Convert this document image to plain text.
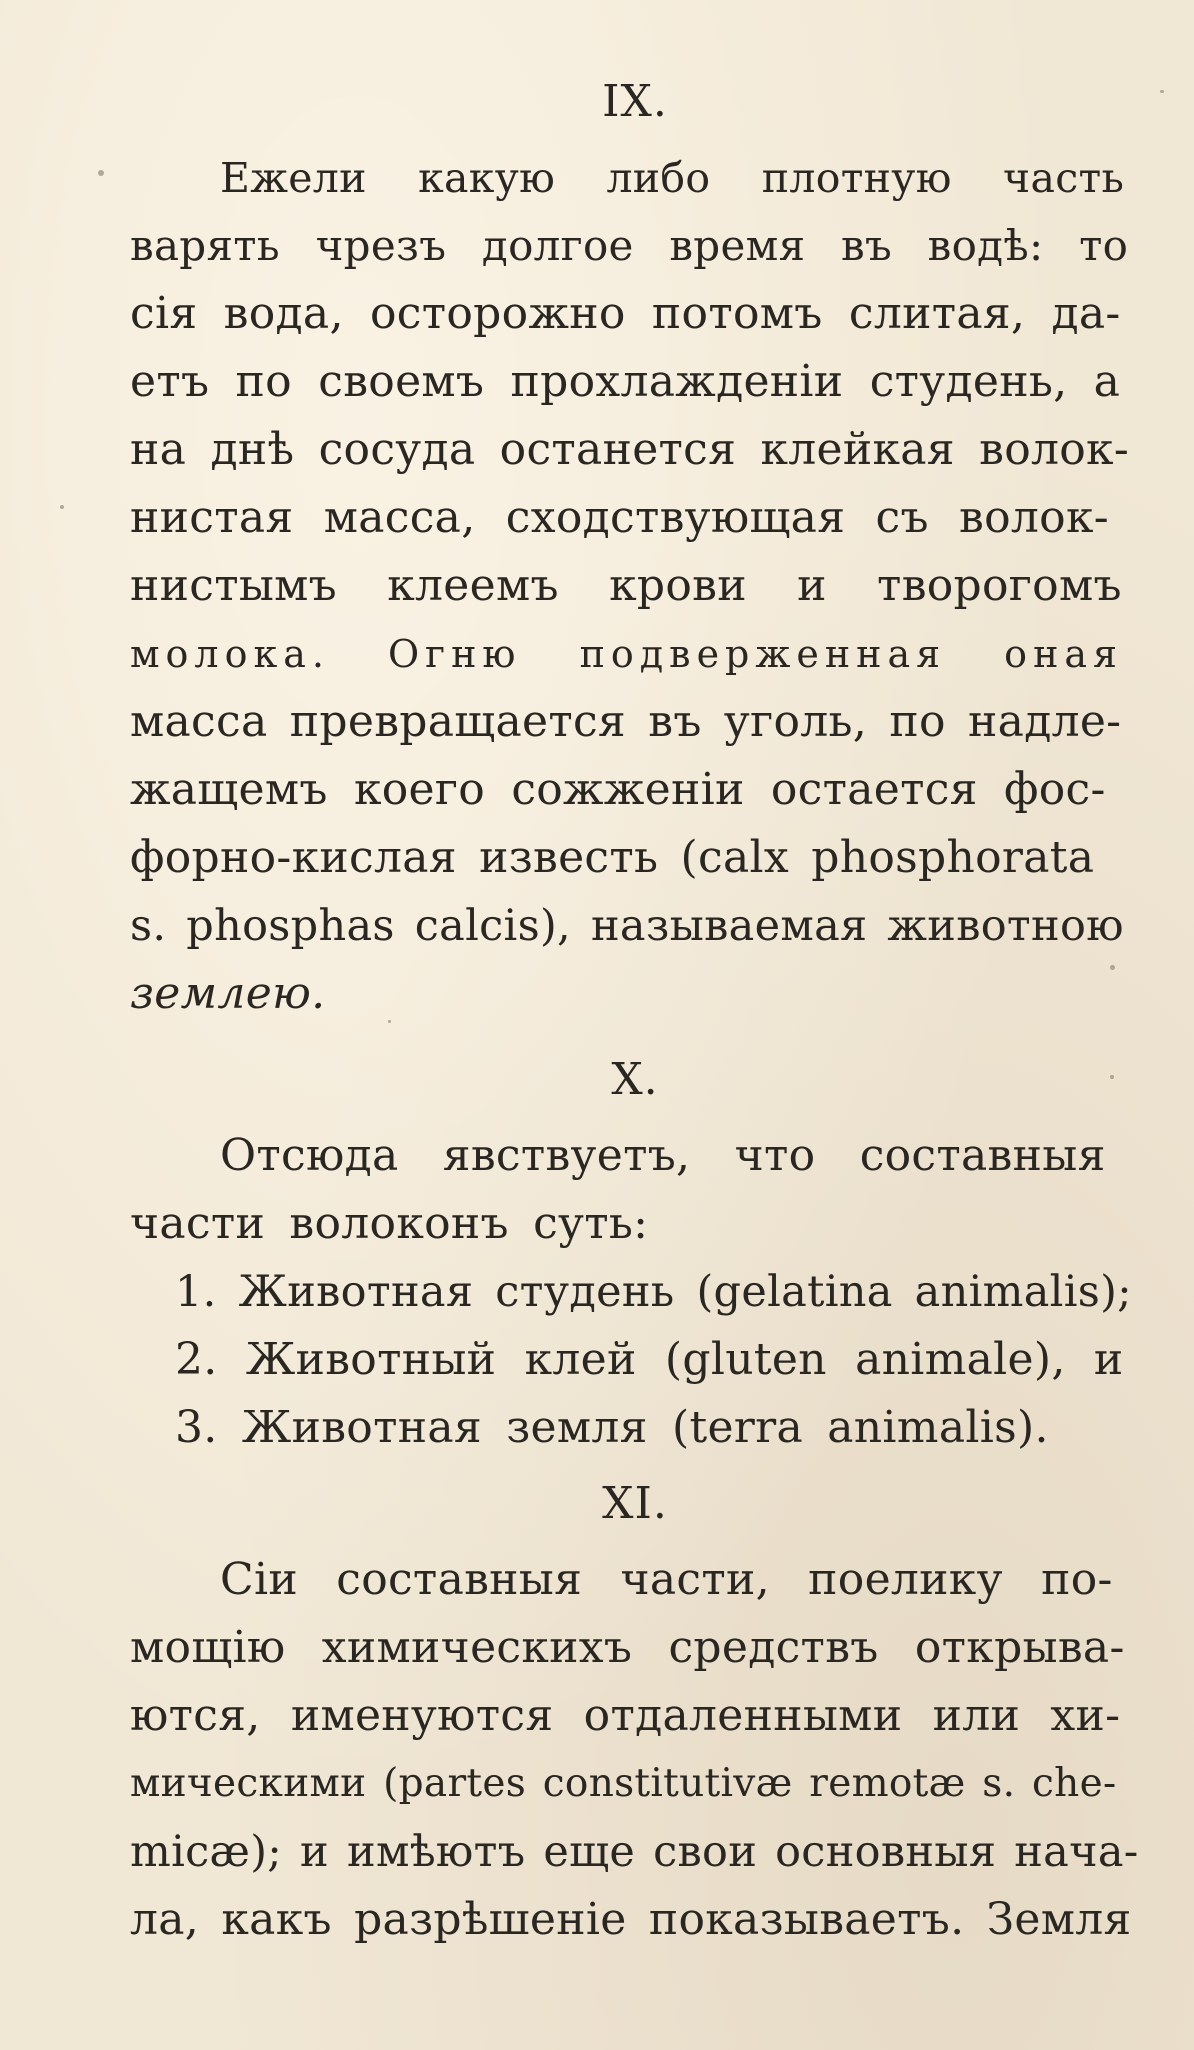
IX.
Ежели какую либо плотную часть
варять чрезъ долгое время въ водѣ: то
сія вода, осторожно потомъ слитая, да-
етъ по своемъ прохлажденіи студень, а
на днѣ сосуда останется клейкая волок-
нистая масса, сходствующая съ волок-
нистымъ клеемъ крови и творогомъ
молока. Огню подверженная оная
масса превращается въ уголь, по надле-
жащемъ коего сожженіи остается фос-
форно-кислая известь (calx phosphorata
s. phosphas calcis), называемая животною
землею.
X.
Отсюда явствуетъ, что составныя
части волоконъ суть:
1. Животная студень (gelatina animalis);
2. Животный клей (gluten animale), и
3. Животная земля (terra animalis).
XI.
Сіи составныя части, поелику по-
мощію химическихъ средствъ открыва-
ются, именуются отдаленными или хи-
мическими (partes constitutivæ remotæ s. che-
micæ); и имѣютъ еще свои основныя нача-
ла, какъ разрѣшеніе показываетъ. Земля
